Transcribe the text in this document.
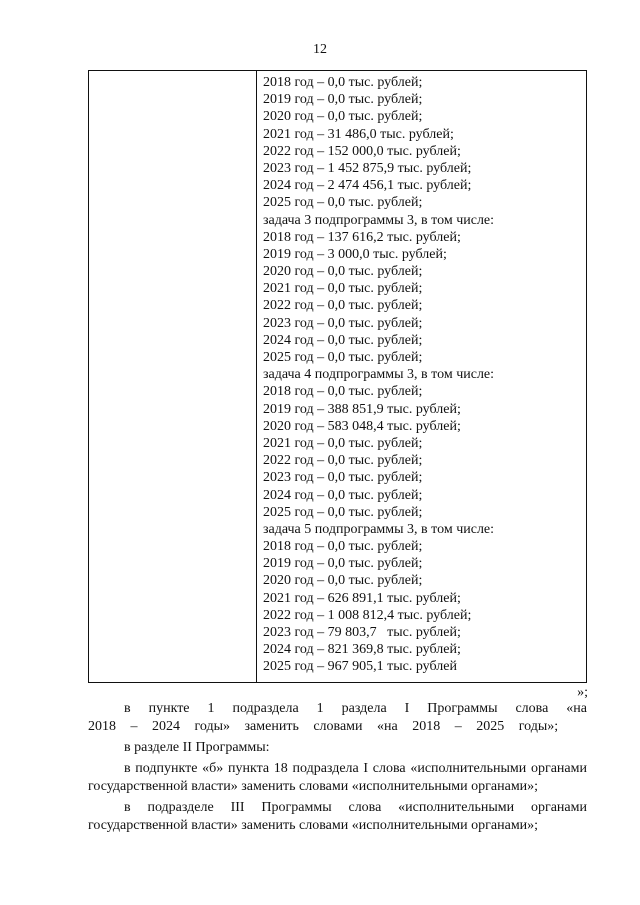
12
2018 год – 0,0 тыс. рублей;
2019 год – 0,0 тыс. рублей;
2020 год – 0,0 тыс. рублей;
2021 год – 31 486,0 тыс. рублей;
2022 год – 152 000,0 тыс. рублей;
2023 год – 1 452 875,9 тыс. рублей;
2024 год – 2 474 456,1 тыс. рублей;
2025 год – 0,0 тыс. рублей;
задача 3 подпрограммы 3, в том числе:
2018 год – 137 616,2 тыс. рублей;
2019 год – 3 000,0 тыс. рублей;
2020 год – 0,0 тыс. рублей;
2021 год – 0,0 тыс. рублей;
2022 год – 0,0 тыс. рублей;
2023 год – 0,0 тыс. рублей;
2024 год – 0,0 тыс. рублей;
2025 год – 0,0 тыс. рублей;
задача 4 подпрограммы 3, в том числе:
2018 год – 0,0 тыс. рублей;
2019 год – 388 851,9 тыс. рублей;
2020 год – 583 048,4 тыс. рублей;
2021 год – 0,0 тыс. рублей;
2022 год – 0,0 тыс. рублей;
2023 год – 0,0 тыс. рублей;
2024 год – 0,0 тыс. рублей;
2025 год – 0,0 тыс. рублей;
задача 5 подпрограммы 3, в том числе:
2018 год – 0,0 тыс. рублей;
2019 год – 0,0 тыс. рублей;
2020 год – 0,0 тыс. рублей;
2021 год – 626 891,1 тыс. рублей;
2022 год – 1 008 812,4 тыс. рублей;
2023 год – 79 803,7   тыс. рублей;
2024 год – 821 369,8 тыс. рублей;
2025 год – 967 905,1 тыс. рублей
»;

в пункте 1 подраздела 1 раздела I Программы слова «на 2018 – 2024 годы» заменить словами «на 2018 – 2025 годы»;

в разделе II Программы:

в подпункте «б» пункта 18 подраздела I слова «исполнительными органами государственной власти» заменить словами «исполнительными органами»;

в подразделе III Программы слова «исполнительными органами государственной власти» заменить словами «исполнительными органами»;
